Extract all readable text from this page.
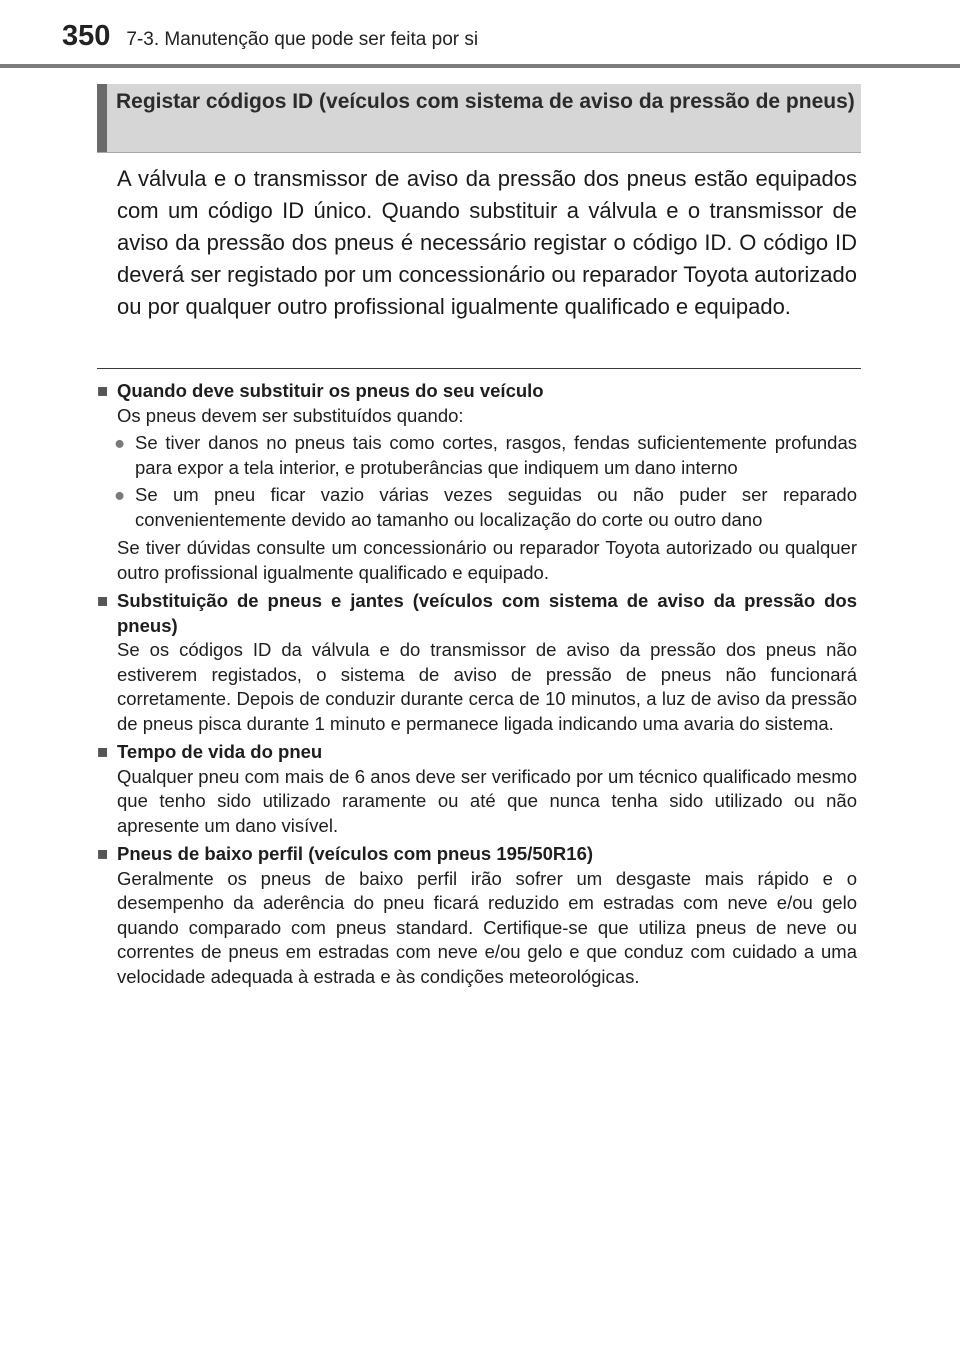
350 7-3. Manutenção que pode ser feita por si
Registar códigos ID (veículos com sistema de aviso da pressão de pneus)
A válvula e o transmissor de aviso da pressão dos pneus estão equipados com um código ID único. Quando substituir a válvula e o transmissor de aviso da pressão dos pneus é necessário registar o código ID. O código ID deverá ser registado por um concessionário ou reparador Toyota autorizado ou por qualquer outro profissional igualmente qualificado e equipado.
■ Quando deve substituir os pneus do seu veículo
Os pneus devem ser substituídos quando:
● Se tiver danos no pneus tais como cortes, rasgos, fendas suficientemente profundas para expor a tela interior, e protuberâncias que indiquem um dano interno
● Se um pneu ficar vazio várias vezes seguidas ou não puder ser reparado convenientemente devido ao tamanho ou localização do corte ou outro dano
Se tiver dúvidas consulte um concessionário ou reparador Toyota autorizado ou qualquer outro profissional igualmente qualificado e equipado.
■ Substituição de pneus e jantes (veículos com sistema de aviso da pressão dos pneus)
Se os códigos ID da válvula e do transmissor de aviso da pressão dos pneus não estiverem registados, o sistema de aviso de pressão de pneus não funcionará corretamente. Depois de conduzir durante cerca de 10 minutos, a luz de aviso da pressão de pneus pisca durante 1 minuto e permanece ligada indicando uma avaria do sistema.
■ Tempo de vida do pneu
Qualquer pneu com mais de 6 anos deve ser verificado por um técnico qualificado mesmo que tenho sido utilizado raramente ou até que nunca tenha sido utilizado ou não apresente um dano visível.
■ Pneus de baixo perfil (veículos com pneus 195/50R16)
Geralmente os pneus de baixo perfil irão sofrer um desgaste mais rápido e o desempenho da aderência do pneu ficará reduzido em estradas com neve e/ou gelo quando comparado com pneus standard. Certifique-se que utiliza pneus de neve ou correntes de pneus em estradas com neve e/ou gelo e que conduz com cuidado a uma velocidade adequada à estrada e às condições meteorológicas.
